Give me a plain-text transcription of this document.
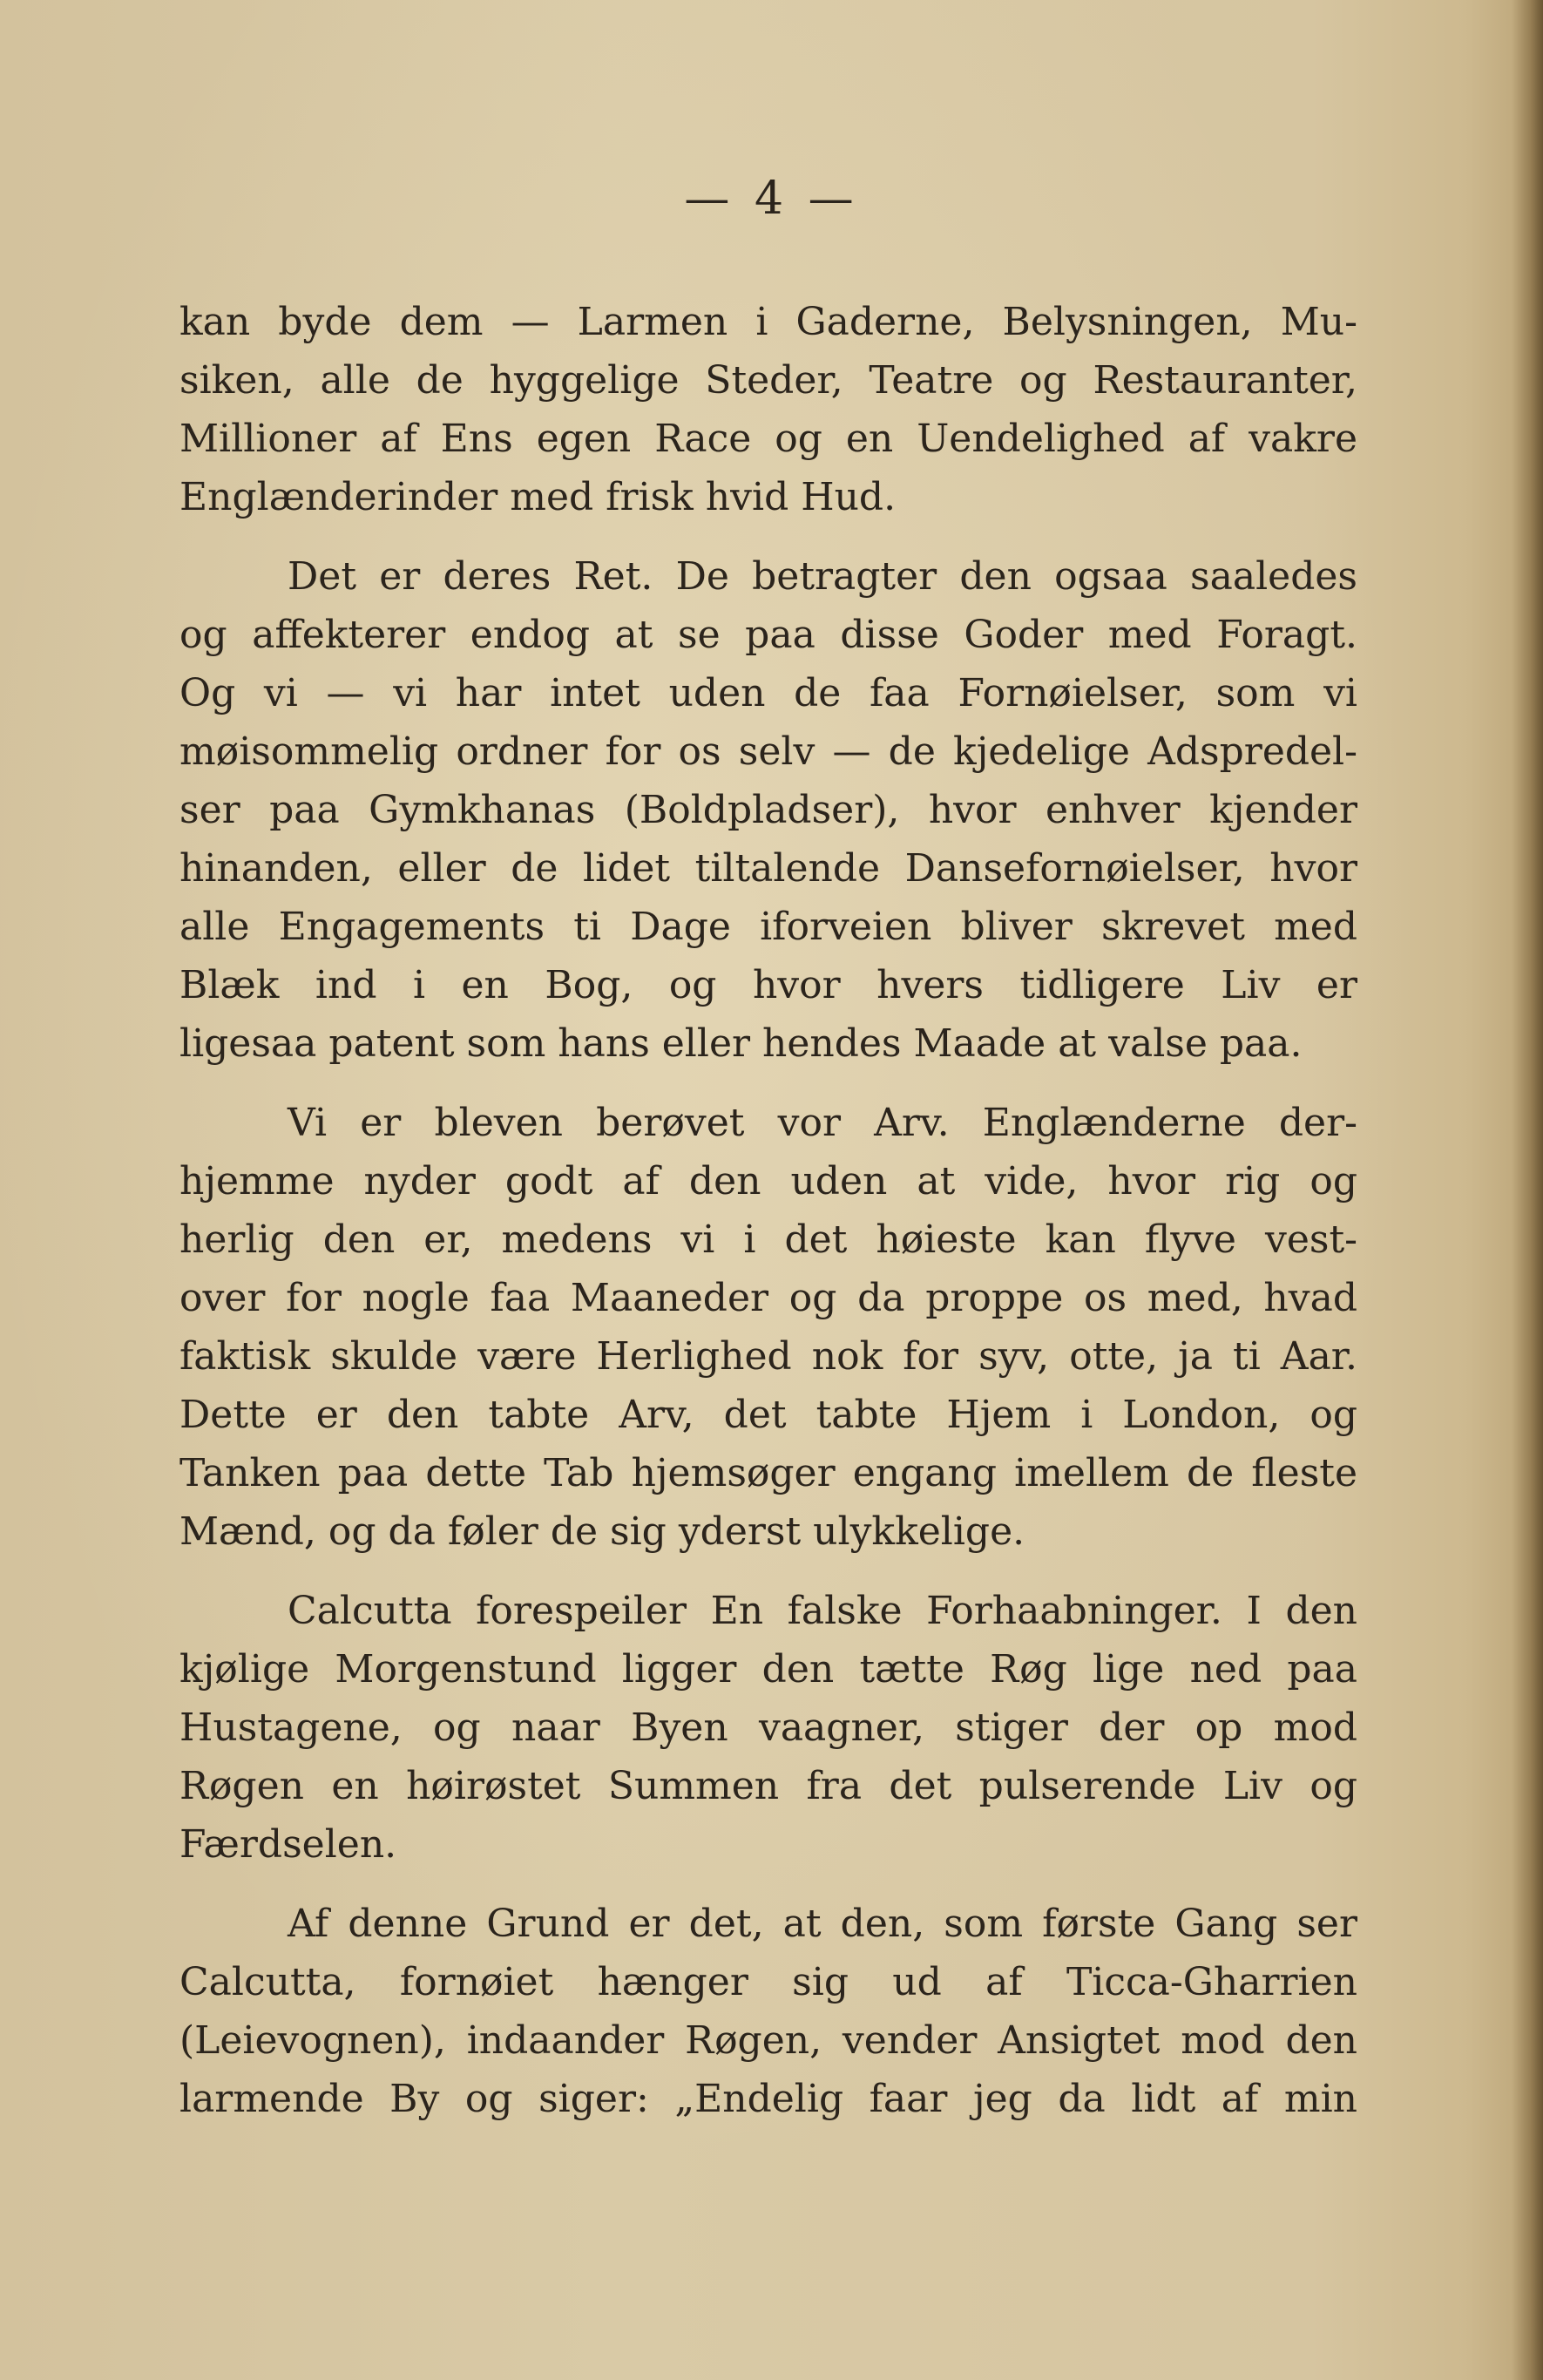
— 4 —
kan byde dem — Larmen i Gaderne, Belysningen, Mu-
siken, alle de hyggelige Steder, Teatre og Restauranter,
Millioner af Ens egen Race og en Uendelighed af vakre
Englænderinder med frisk hvid Hud.
Det er deres Ret. De betragter den ogsaa saaledes
og affekterer endog at se paa disse Goder med Foragt.
Og vi — vi har intet uden de faa Fornøielser, som vi
møisommelig ordner for os selv — de kjedelige Adspredel-
ser paa Gymkhanas (Boldpladser), hvor enhver kjender
hinanden, eller de lidet tiltalende Dansefornøielser, hvor
alle Engagements ti Dage iforveien bliver skrevet med
Blæk ind i en Bog, og hvor hvers tidligere Liv er
ligesaa patent som hans eller hendes Maade at valse paa.
Vi er bleven berøvet vor Arv. Englænderne der-
hjemme nyder godt af den uden at vide, hvor rig og
herlig den er, medens vi i det høieste kan flyve vest-
over for nogle faa Maaneder og da proppe os med, hvad
faktisk skulde være Herlighed nok for syv, otte, ja ti Aar.
Dette er den tabte Arv, det tabte Hjem i London, og
Tanken paa dette Tab hjemsøger engang imellem de fleste
Mænd, og da føler de sig yderst ulykkelige.
Calcutta forespeiler En falske Forhaabninger. I den
kjølige Morgenstund ligger den tætte Røg lige ned paa
Hustagene, og naar Byen vaagner, stiger der op mod
Røgen en høirøstet Summen fra det pulserende Liv og
Færdselen.
Af denne Grund er det, at den, som første Gang ser
Calcutta, fornøiet hænger sig ud af Ticca-Gharrien
(Leievognen), indaander Røgen, vender Ansigtet mod den
larmende By og siger: „Endelig faar jeg da lidt af min
